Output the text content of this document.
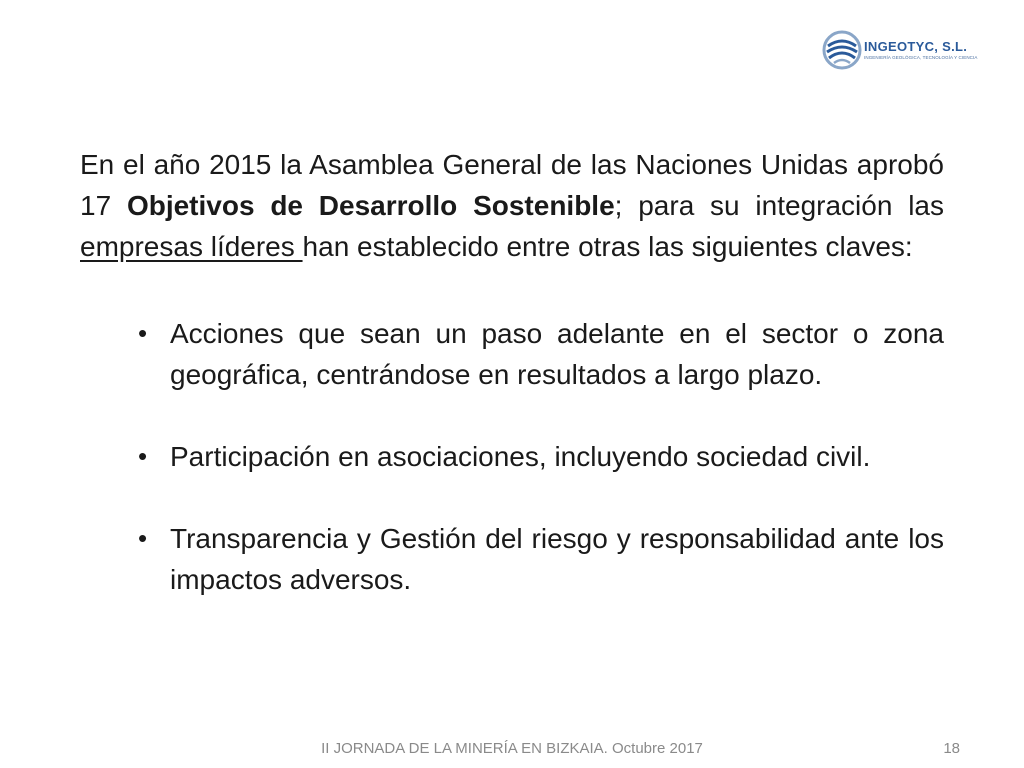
INGEOTYC, S.L.
INGENIERÍA GEOLÓGICA, TECNOLOGÍA Y CIENCIA

En el año 2015 la Asamblea General de las Naciones Unidas aprobó 17 Objetivos de Desarrollo Sostenible; para su integración las empresas líderes han establecido entre otras las siguientes claves:

• Acciones que sean un paso adelante en el sector o zona geográfica, centrándose en resultados a largo plazo.
• Participación en asociaciones, incluyendo sociedad civil.
• Transparencia y Gestión del riesgo y responsabilidad ante los impactos adversos.
II JORNADA DE LA MINERÍA EN BIZKAIA. Octubre 2017	18
